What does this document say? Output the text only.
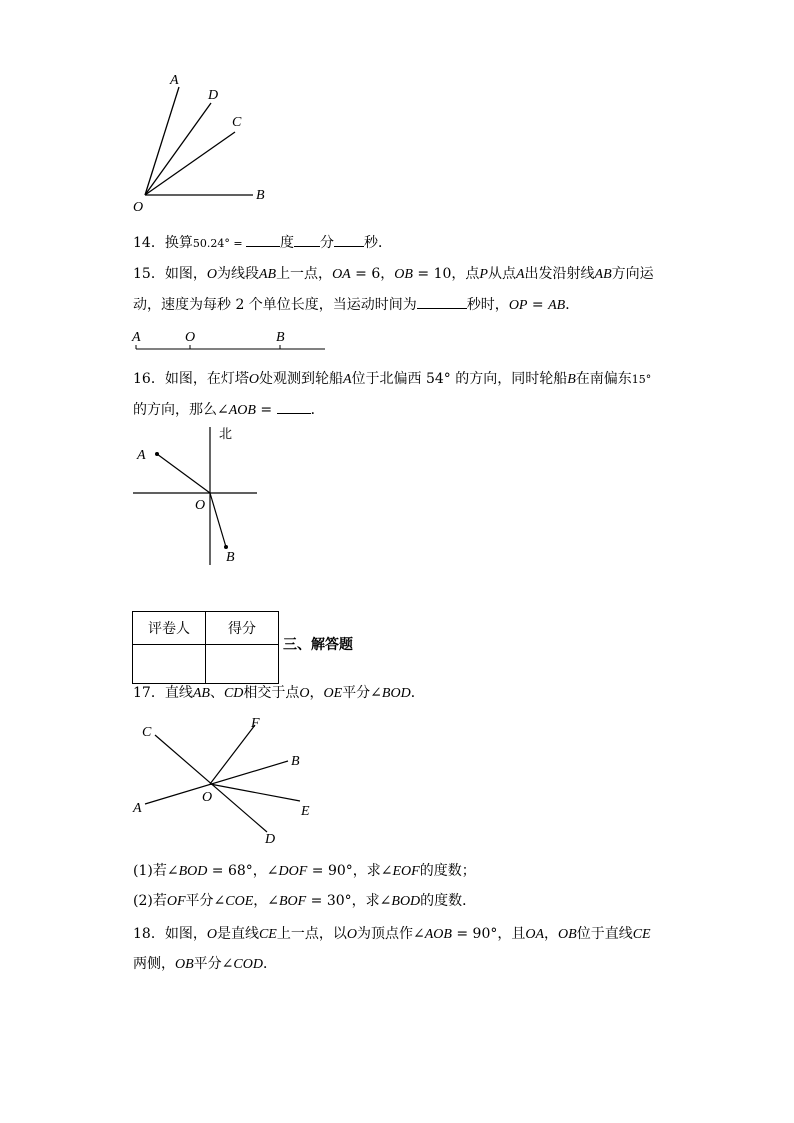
A
D
C
B
O
14．换算50.24° = 度 分 秒．
15．如图，O为线段AB上一点，OA = 6，OB = 10，点P从点A出发沿射线AB方向运
动，速度为每秒 2 个单位长度，当运动时间为	秒时，OP = AB．
A	O	B
16．如图，在灯塔O处观测到轮船A位于北偏西 54° 的方向，同时轮船B在南偏东15°
的方向，那么∠AOB = ．
北
A
O
B
评卷人	得分

三、解答题
17．直线AB、CD相交于点O，OE平分∠BOD．
C
F
B
A
O
E
D
(1)若∠BOD = 68°，∠DOF = 90°，求∠EOF的度数；
(2)若OF平分∠COE，∠BOF = 30°，求∠BOD的度数．
18．如图，O是直线CE上一点，以O为顶点作∠AOB = 90°，且OA，OB位于直线CE
两侧，OB平分∠COD．
